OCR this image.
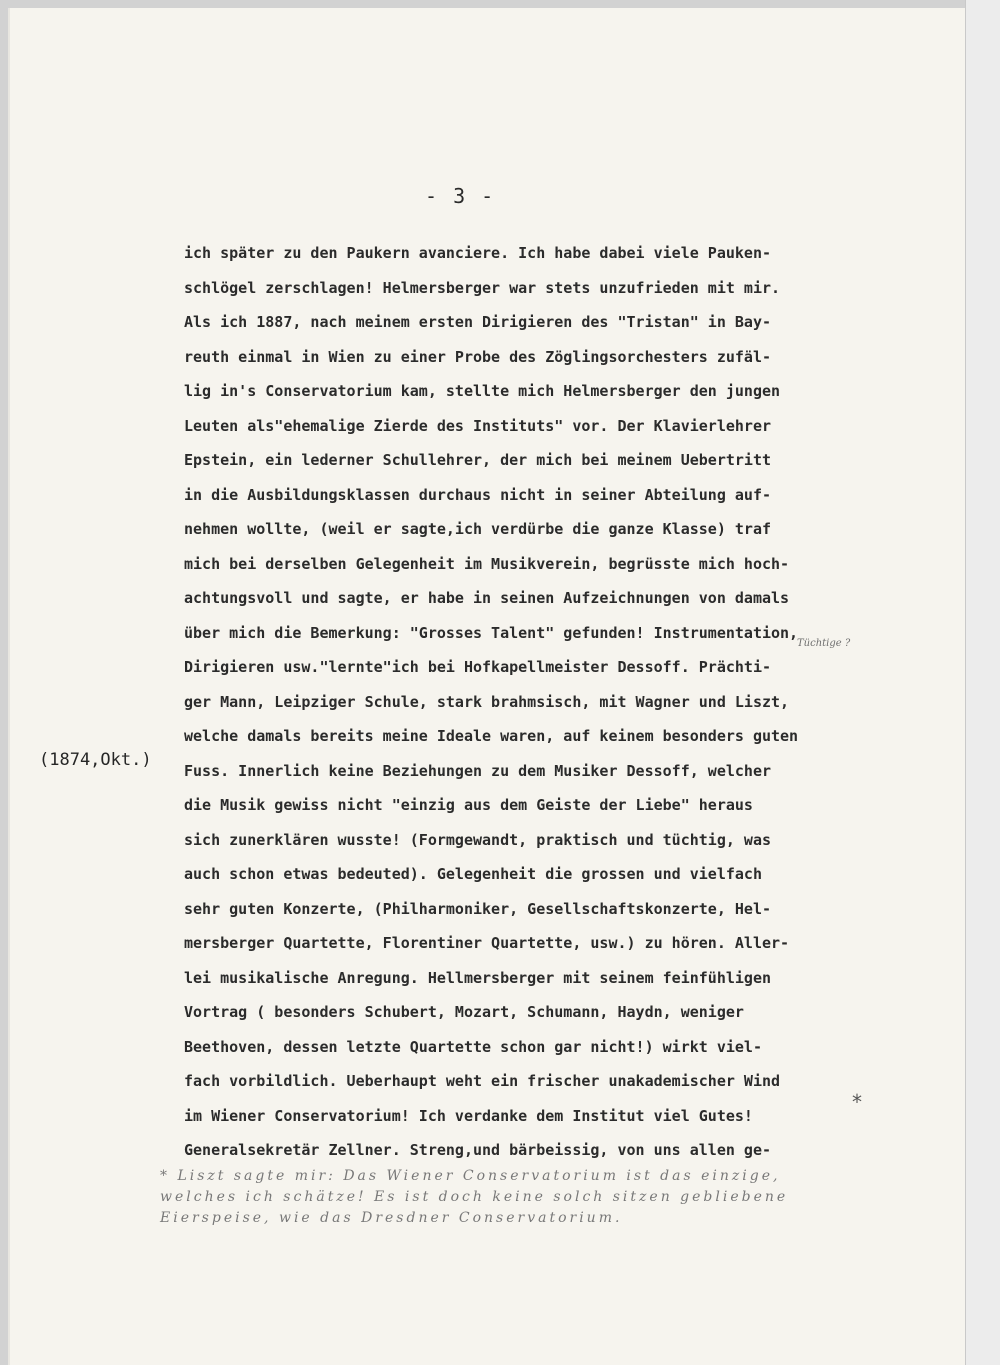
- 3 -
(1874,Okt.)
Tüchtige ?
*
ich später zu den Paukern avanciere. Ich habe dabei viele Pauken-
schlögel zerschlagen! Helmersberger war stets unzufrieden mit mir.
Als ich 1887, nach meinem ersten Dirigieren des "Tristan" in Bay-
reuth einmal in Wien zu einer Probe des Zöglingsorchesters zufäl-
lig in's Conservatorium kam, stellte mich Helmersberger den jungen
Leuten als"ehemalige Zierde des Instituts" vor. Der Klavierlehrer
Epstein, ein lederner Schullehrer, der mich bei meinem Uebertritt
in die Ausbildungsklassen durchaus nicht in seiner Abteilung auf-
nehmen wollte, (weil er sagte,ich verdürbe die ganze Klasse) traf
mich bei derselben Gelegenheit im Musikverein, begrüsste mich hoch-
achtungsvoll und sagte, er habe in seinen Aufzeichnungen von damals
über mich die Bemerkung: "Grosses Talent" gefunden! Instrumentation,
Dirigieren usw."lernte"ich bei Hofkapellmeister Dessoff. Prächti-
ger Mann, Leipziger Schule, stark brahmsisch, mit Wagner und Liszt,
welche damals bereits meine Ideale waren, auf keinem besonders guten
Fuss. Innerlich keine Beziehungen zu dem Musiker Dessoff, welcher
die Musik gewiss nicht "einzig aus dem Geiste der Liebe" heraus
sich zunerklären wusste! (Formgewandt, praktisch und tüchtig, was
auch schon etwas bedeuted). Gelegenheit die grossen und vielfach
sehr guten Konzerte, (Philharmoniker, Gesellschaftskonzerte, Hel-
mersberger Quartette, Florentiner Quartette, usw.) zu hören. Aller-
lei musikalische Anregung. Hellmersberger mit seinem feinfühligen
Vortrag ( besonders Schubert, Mozart, Schumann, Haydn, weniger
Beethoven, dessen letzte Quartette schon gar nicht!) wirkt viel-
fach vorbildlich. Ueberhaupt weht ein frischer unakademischer Wind
im Wiener Conservatorium! Ich verdanke dem Institut viel Gutes!
Generalsekretär Zellner. Streng,und bärbeissig, von uns allen ge-
* Liszt sagte mir: Das Wiener Conservatorium ist das einzige,
welches ich schätze! Es ist doch keine solch sitzen gebliebene
Eierspeise, wie das Dresdner Conservatorium.
